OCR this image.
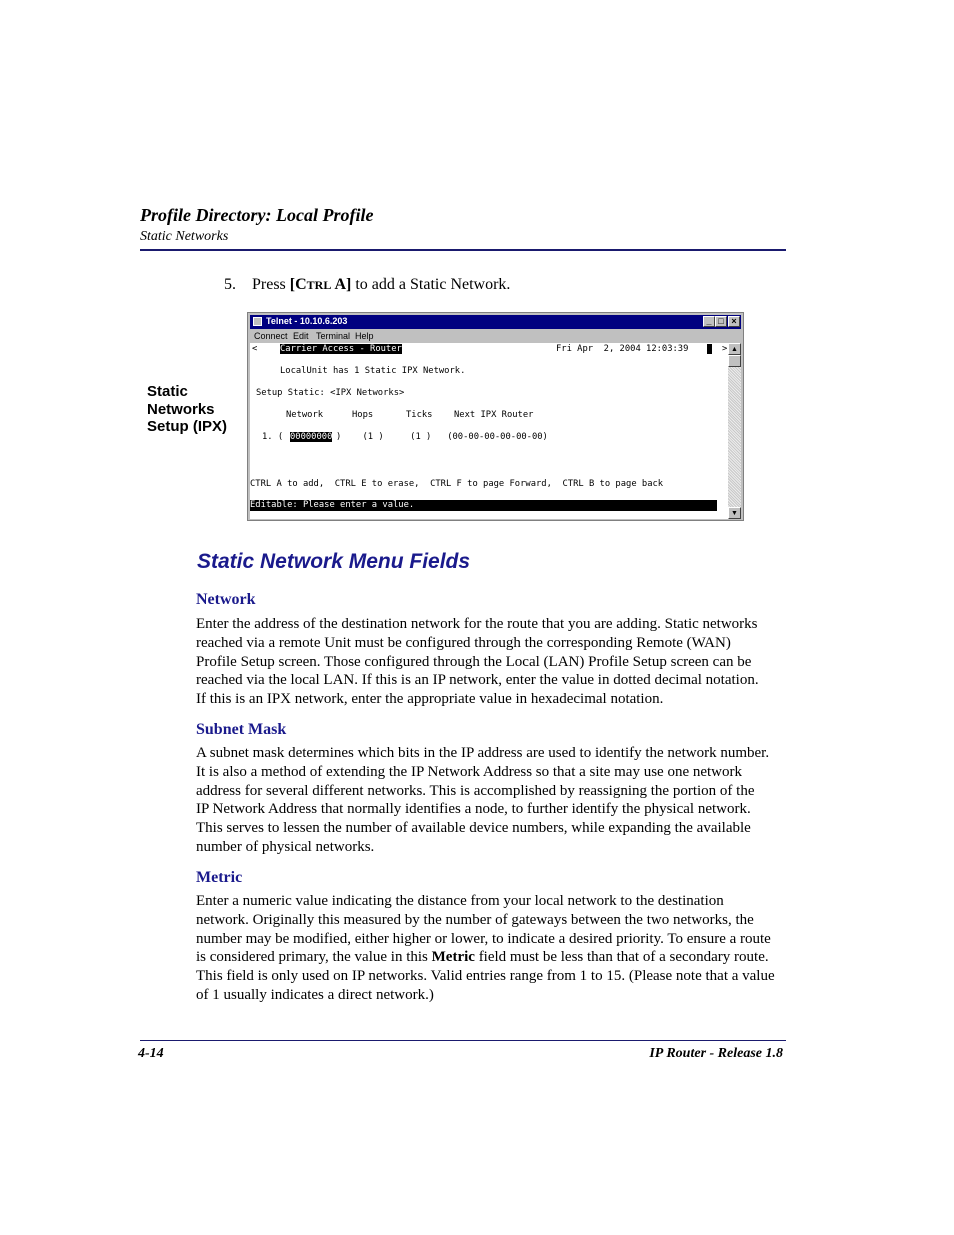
Profile Directory: Local Profile
Static Networks
5. Press [CTRL A] to add a Static Network.
Static
Networks
Setup (IPX)
Telnet - 10.10.6.203	_ □ ×
Connect Edit Terminal Help
<	Carrier Access - Router	Fri Apr  2, 2004 12:03:39
	>
LocalUnit has 1 Static IPX Network.
Setup Static: <IPX Networks>
Network	Hops	Ticks Next IPX Router
1. ( 00000000 )    (1 )     (1 )   (00-00-00-00-00-00)
CTRL A to add,  CTRL E to erase,  CTRL F to page Forward,  CTRL B to page back
Editable: Please enter a value.
▲
▼
Static Network Menu Fields
Network
Enter the address of the destination network for the route that you are adding. Static networks
reached via a remote Unit must be configured through the corresponding Remote (WAN)
Profile Setup screen. Those configured through the Local (LAN) Profile Setup screen can be
reached via the local LAN. If this is an IP network, enter the value in dotted decimal notation.
If this is an IPX network, enter the appropriate value in hexadecimal notation.
Subnet Mask
A subnet mask determines which bits in the IP address are used to identify the network number.
It is also a method of extending the IP Network Address so that a site may use one network
address for several different networks. This is accomplished by reassigning the portion of the
IP Network Address that normally identifies a node, to further identify the physical network.
This serves to lessen the number of available device numbers, while expanding the available
number of physical networks.
Metric
Enter a numeric value indicating the distance from your local network to the destination
network. Originally this measured by the number of gateways between the two networks, the
number may be modified, either higher or lower, to indicate a desired priority. To ensure a route
is considered primary, the value in this Metric field must be less than that of a secondary route.
This field is only used on IP networks. Valid entries range from 1 to 15. (Please note that a value
of 1 usually indicates a direct network.)
4-14	IP Router - Release 1.8
